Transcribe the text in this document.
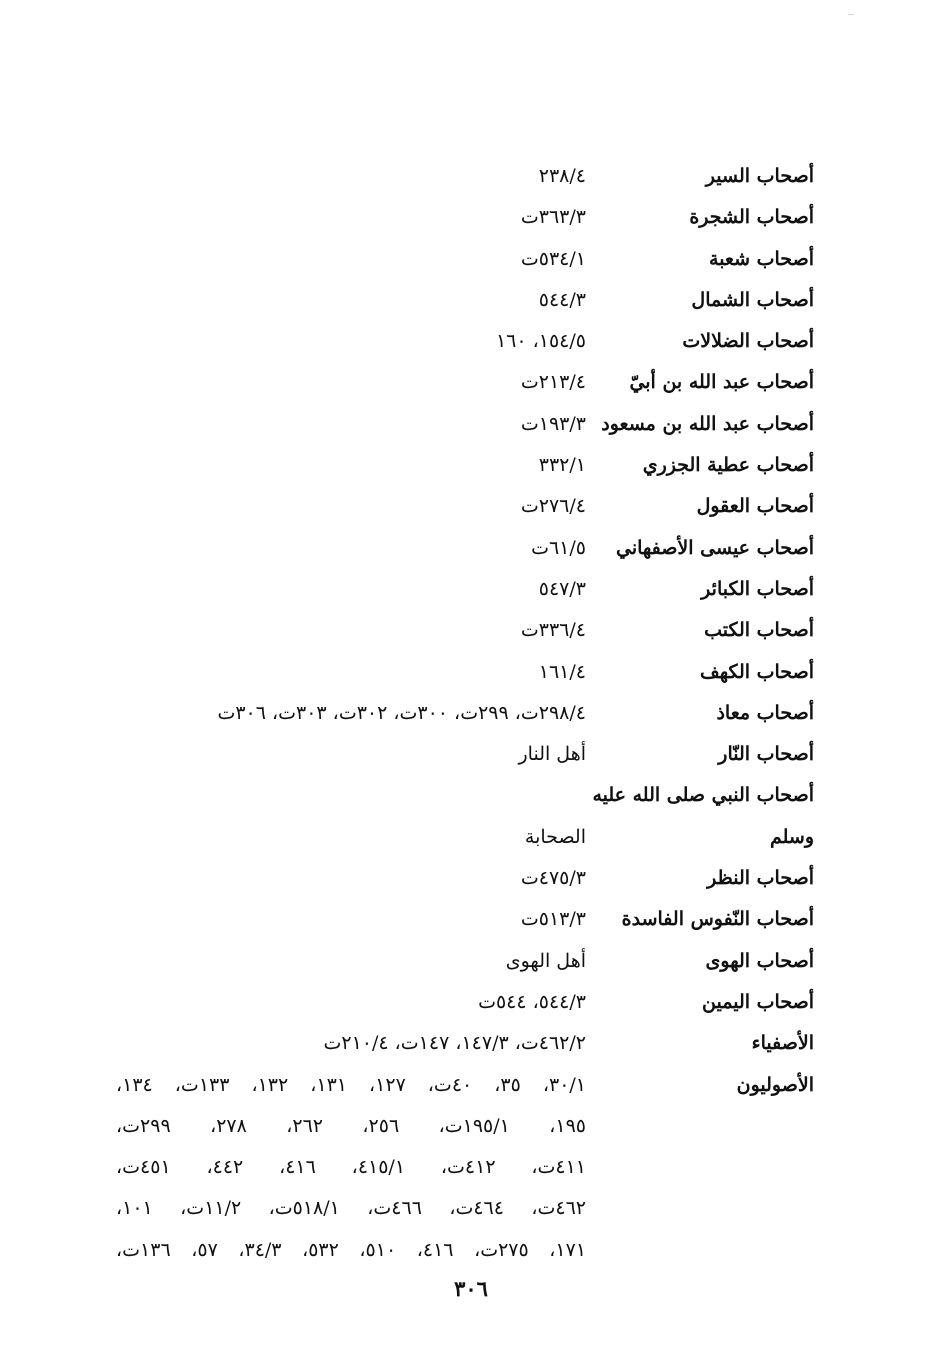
أصحاب السير
٢٣٨/٤
أصحاب الشجرة
٣٦٣/٣ت
أصحاب شعبة
٥٣٤/١ت
أصحاب الشمال
٥٤٤/٣
أصحاب الضلالات
١٥٤/٥، ١٦٠
أصحاب عبد الله بن أبيّ
٢١٣/٤ت
أصحاب عبد الله بن مسعود
١٩٣/٣ت
أصحاب عطية الجزري
٣٣٢/١
أصحاب العقول
٢٧٦/٤ت
أصحاب عيسى الأصفهاني
٦١/٥ت
أصحاب الكبائر
٥٤٧/٣
أصحاب الكتب
٣٣٦/٤ت
أصحاب الكهف
١٦١/٤
أصحاب معاذ
٢٩٨/٤ت، ٢٩٩ت، ٣٠٠ت، ٣٠٢ت، ٣٠٣ت، ٣٠٦ت
أصحاب النّار
أهل النار
أصحاب النبي صلى الله عليه
وسلم
الصحابة
أصحاب النظر
٤٧٥/٣ت
أصحاب النّفوس الفاسدة
٥١٣/٣ت
أصحاب الهوى
أهل الهوى
أصحاب اليمين
٥٤٤/٣، ٥٤٤ت
الأصفياء
٤٦٢/٢ت، ١٤٧/٣، ١٤٧ت، ٢١٠/٤ت
الأصوليون
٣٠/١، ٣٥، ٤٠ت، ١٢٧، ١٣١، ١٣٢، ١٣٣ت، ١٣٤،
١٩٥، ١٩٥/١ت، ٢٥٦، ٢٦٢، ٢٧٨، ٢٩٩ت،
٤١١ت، ٤١٢ت، ٤١٥/١، ٤١٦، ٤٤٢، ٤٥١ت،
٤٦٢ت، ٤٦٤ت، ٤٦٦ت، ٥١٨/١ت، ١١/٢ت، ١٠١،
١٧١، ٢٧٥ت، ٤١٦، ٥١٠، ٥٣٢، ٣٤/٣، ٥٧، ١٣٦ت،
٣٠٦
